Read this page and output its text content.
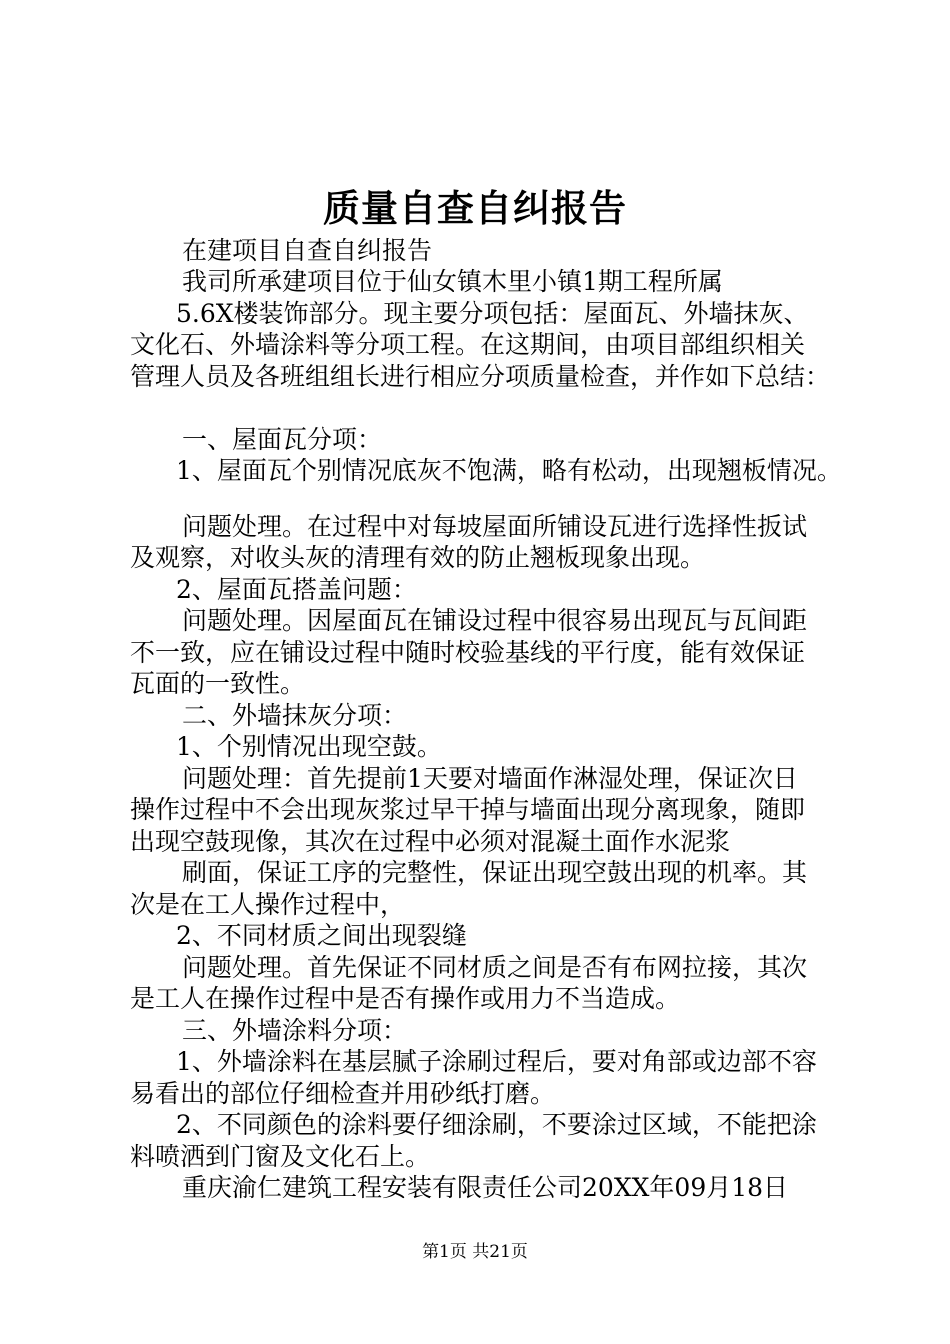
质量自查自纠报告
在建项目自查自纠报告
我司所承建项目位于仙女镇木里小镇1期工程所属
5.6X楼装饰部分。现主要分项包括：屋面瓦、外墙抹灰、
文化石、外墙涂料等分项工程。在这期间，由项目部组织相关
管理人员及各班组组长进行相应分项质量检查，并作如下总结：
一、屋面瓦分项：
1、屋面瓦个别情况底灰不饱满，略有松动，出现翘板情况。
问题处理。在过程中对每坡屋面所铺设瓦进行选择性扳试
及观察，对收头灰的清理有效的防止翘板现象出现。
2、屋面瓦搭盖问题：
问题处理。因屋面瓦在铺设过程中很容易出现瓦与瓦间距
不一致，应在铺设过程中随时校验基线的平行度，能有效保证
瓦面的一致性。
二、外墙抹灰分项：
1、个别情况出现空鼓。
问题处理：首先提前1天要对墙面作淋湿处理，保证次日
操作过程中不会出现灰浆过早干掉与墙面出现分离现象，随即
出现空鼓现像，其次在过程中必须对混凝土面作水泥浆
刷面，保证工序的完整性，保证出现空鼓出现的机率。其
次是在工人操作过程中，
2、不同材质之间出现裂缝
问题处理。首先保证不同材质之间是否有布网拉接，其次
是工人在操作过程中是否有操作或用力不当造成。
三、外墙涂料分项：
1、外墙涂料在基层腻子涂刷过程后，要对角部或边部不容
易看出的部位仔细检查并用砂纸打磨。
2、不同颜色的涂料要仔细涂刷，不要涂过区域，不能把涂
料喷洒到门窗及文化石上。
重庆渝仁建筑工程安装有限责任公司20XX年09月18日
第1页 共21页
